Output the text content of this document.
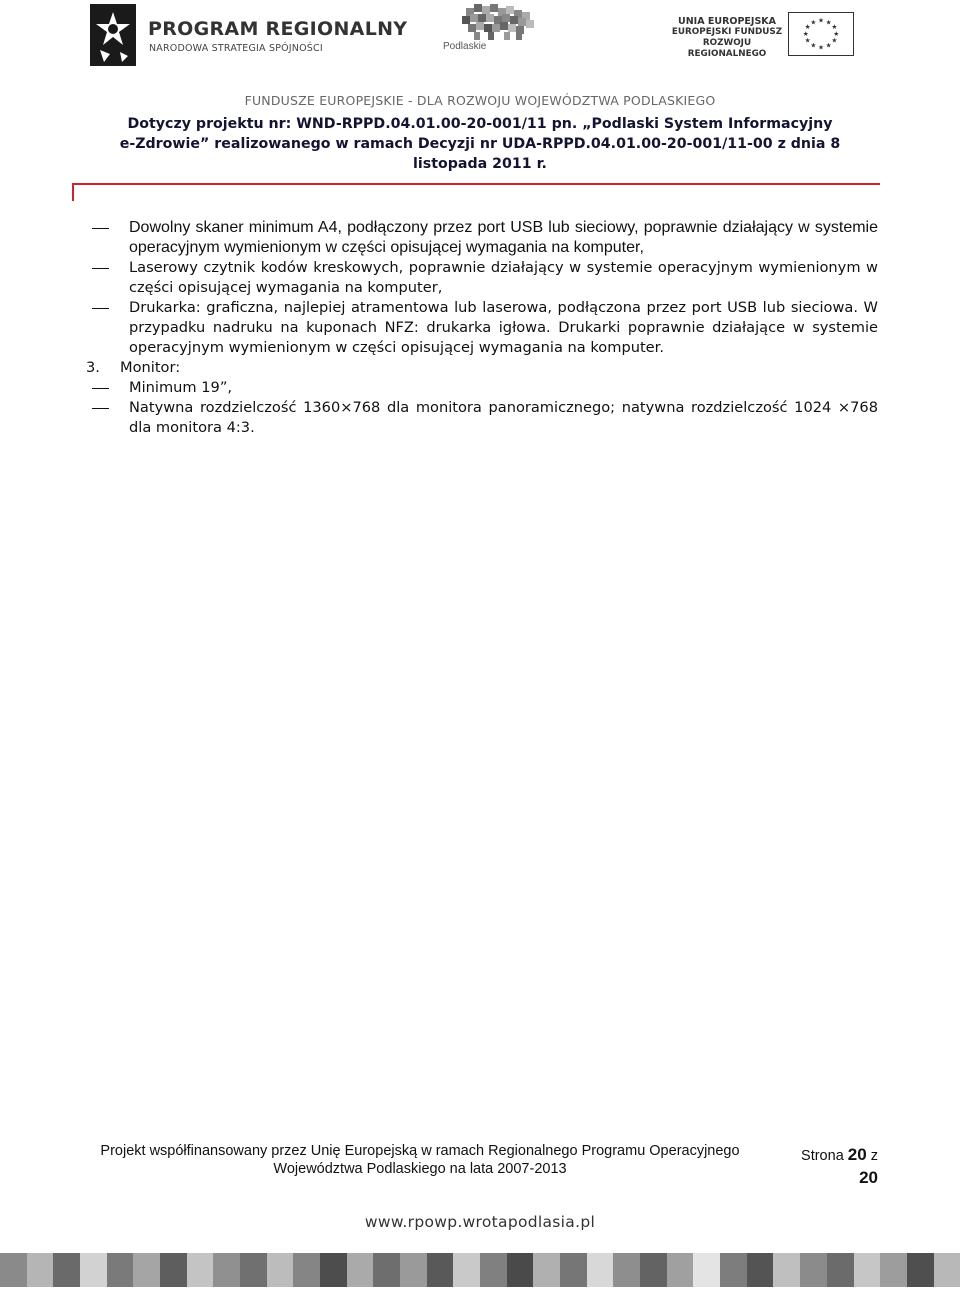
PROGRAM REGIONALNY
NARODOWA STRATEGIA SPÓJNOŚCI	Podlaskie
UNIA EUROPEJSKA
EUROPEJSKI FUNDUSZ
ROZWOJU REGIONALNEGO
★ ★
★
★
★
★
★
★
★
★
★
★
FUNDUSZE EUROPEJSKIE - DLA ROZWOJU WOJEWÓDZTWA PODLASKIEGO
Dotyczy projektu nr: WND-RPPD.04.01.00-20-001/11 pn. „Podlaski System Informacyjny
e-Zdrowie” realizowanego w ramach Decyzji nr UDA-RPPD.04.01.00-20-001/11-00 z dnia 8
listopada 2011 r.
Dowolny skaner minimum A4, podłączony przez port USB lub sieciowy, poprawnie działający w systemie operacyjnym wymienionym w części opisującej wymagania na komputer,
Laserowy czytnik kodów kreskowych, poprawnie działający w systemie operacyjnym wymienionym w części opisującej wymagania na komputer,
Drukarka: graficzna, najlepiej atramentowa lub laserowa, podłączona przez port USB lub sieciowa. W przypadku nadruku na kuponach NFZ: drukarka igłowa. Drukarki poprawnie działające w systemie operacyjnym wymienionym w części opisującej wymagania na komputer.
3. Monitor:
Minimum 19”,
Natywna rozdzielczość 1360×768 dla monitora panoramicznego; natywna rozdzielczość 1024 ×768 dla monitora 4:3.
Projekt współfinansowany przez Unię Europejską w ramach Regionalnego Programu Operacyjnego
Województwa Podlaskiego na lata 2007-2013
Strona 20 z
20
www.rpowp.wrotapodlasia.pl
